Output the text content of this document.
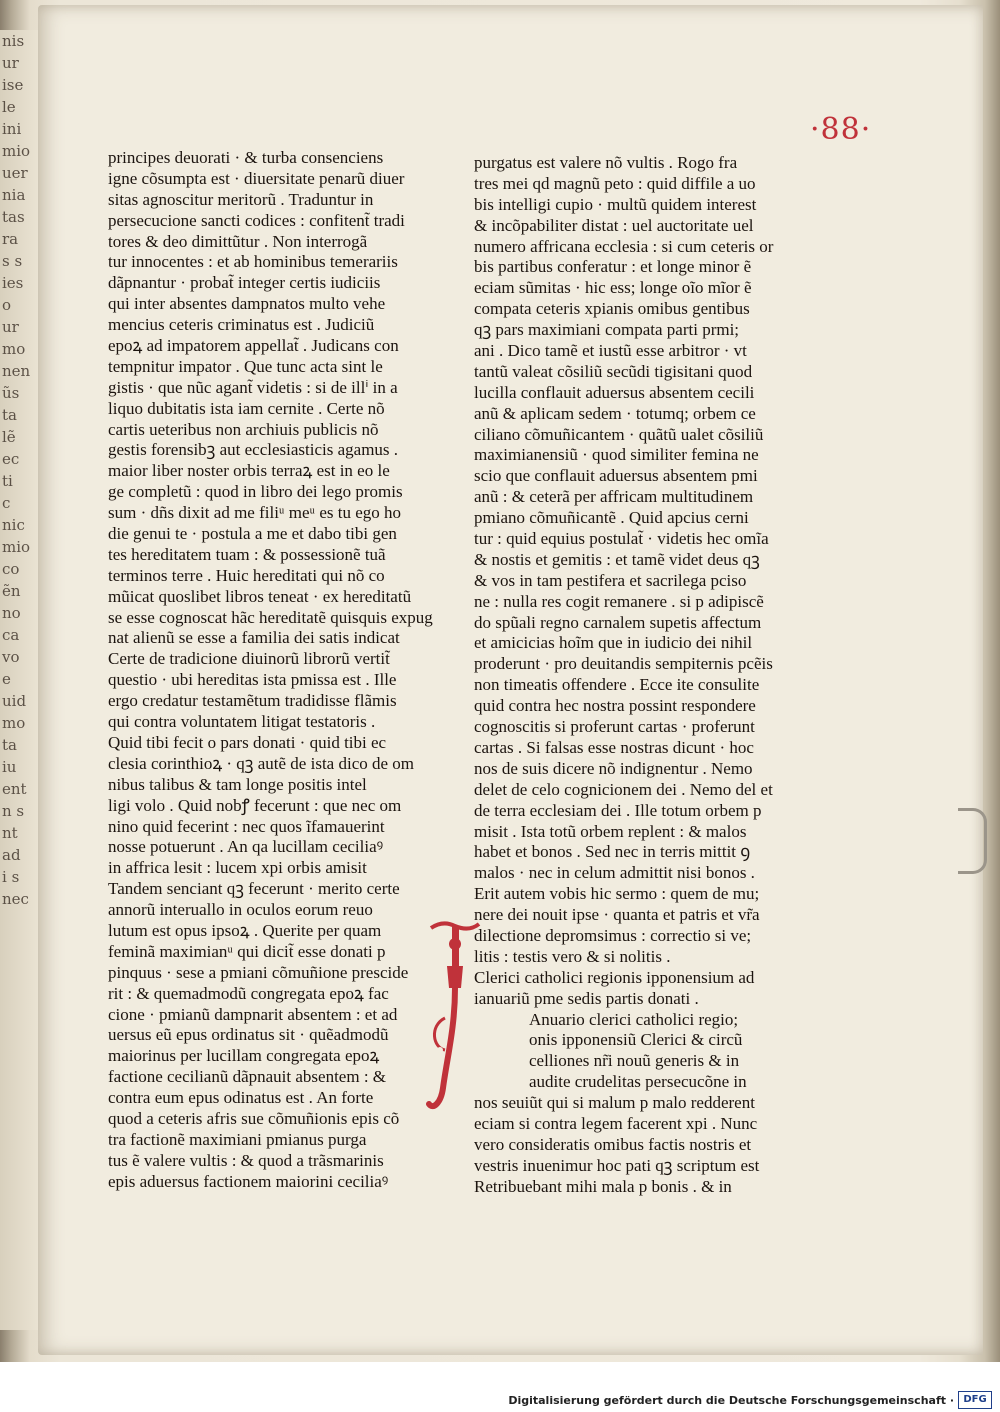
nis
ur
ise
le
ini
mio
uer
nia
tas
ra
s s
ies
o
ur
mo
nen
ũs
ta
lẽ
ec
ti
c
nic
mio
co
ẽn
no
ca
vo
e
uid
mo
ta
iu
ent
n s
nt
ad
i s
nec
·88·
principes deuorati · & turba consenciens
igne cõsumpta est · diuersitate penarũ diuer
sitas agnoscitur meritorũ . Traduntur in
persecucione sancti codices : confitent̃ tradi
tores & deo dimittũtur . Non interrogã
tur innocentes : et ab hominibus temerariis
dãpnantur · probat̃ integer certis iudiciis
qui inter absentes dampnatos multo vehe
mencius ceteris criminatus est . Judiciũ
epoꝝ ad impatorem appellat̃ . Judicans con
tempnitur impator . Que tunc acta sint le
gistis · que nũc agant̃ videtis : si de illⁱ in a
liquo dubitatis ista iam cernite . Certe nõ
cartis ueteribus non archiuis publicis nõ
gestis forensibꝫ aut ecclesiasticis agamus .
maior liber noster orbis terraꝝ est in eo le
ge completũ : quod in libro dei lego promis
sum · dñs dixit ad me filiᵘ meᵘ es tu ego ho
die genui te · postula a me et dabo tibi gen
tes hereditatem tuam : & possessionẽ tuã
terminos terre . Huic hereditati qui nõ co
mũicat quoslibet libros teneat · ex hereditatũ
se esse cognoscat hãc hereditatẽ quisquis expug
nat alienũ se esse a familia dei satis indicat
Certe de tradicione diuinorũ librorũ vertit̃
questio · ubi hereditas ista pmissa est . Ille
ergo credatur testamẽtum tradidisse flãmis
qui contra voluntatem litigat testatoris .
Quid tibi fecit o pars donati · quid tibi ec
clesia corinthioꝝ · qꝫ autẽ de ista dico de om
nibus talibus & tam longe positis intel
ligi volo . Quid nobꝭ fecerunt : que nec om
nino quid fecerint : nec quos ĩfamauerint
nosse potuerunt . An qa lucillam ceciliaꝰ
in affrica lesit : lucem xpi orbis amisit
Tandem senciant qꝫ fecerunt · merito certe
annorũ interuallo in oculos eorum reuo
lutum est opus ipsoꝝ . Querite per quam
feminã maximianᵘ qui dicit̃ esse donati p
pinquus · sese a pmiani cõmuñione prescide
rit : & quemadmodũ congregata epoꝝ fac
cione · pmianũ dampnarit absentem : et ad
uersus eũ epus ordinatus sit · quẽadmodũ
maiorinus per lucillam congregata epoꝝ
factione cecilianũ dãpnauit absentem : &
contra eum epus odinatus est . An forte
quod a ceteris afris sue cõmuñionis epis cõ
tra factionẽ maximiani pmianus purga
tus ẽ valere vultis : & quod a trãsmarinis
epis aduersus factionem maiorini ceciliaꝰ
purgatus est valere nõ vultis . Rogo fra
tres mei qd magnũ peto : quid diffile a uo
bis intelligi cupio · multũ quidem interest
& incõpabiliter distat : uel auctoritate uel
numero affricana ecclesia : si cum ceteris or
bis partibus conferatur : et longe minor ẽ
eciam sũmitas · hic ess; longe oĩo mĩor ẽ
compata ceteris xpianis omibus gentibus
qꝫ pars maximiani compata parti prmi;
ani . Dico tamẽ et iustũ esse arbitror · vt
tantũ valeat cõsiliũ secũdi tigisitani quod
lucilla conflauit aduersus absentem cecili
anũ & aplicam sedem · totumq; orbem ce
ciliano cõmuñicantem · quãtũ ualet cõsiliũ
maximianensiũ · quod similiter femina ne
scio que conflauit aduersus absentem pmi
anũ : & ceterã per affricam multitudinem
pmiano cõmuñicantẽ . Quid apcius cerni
tur : quid equius postulat̃ · videtis hec omĩa
& nostis et gemitis : et tamẽ videt deus qꝫ
& vos in tam pestifera et sacrilega pciso
ne : nulla res cogit remanere . si p adipiscẽ
do spũali regno carnalem supetis affectum
et amicicias hoĩm que in iudicio dei nihil
proderunt · pro deuitandis sempiternis pcẽis
non timeatis offendere . Ecce ite consulite
quid contra hec nostra possint respondere
cognoscitis si proferunt cartas · proferunt
cartas . Si falsas esse nostras dicunt · hoc
nos de suis dicere nõ indignentur . Nemo
delet de celo cognicionem dei . Nemo del et
de terra ecclesiam dei . Ille totum orbem p
misit . Ista totũ orbem replent : & malos
habet et bonos . Sed nec in terris mittit ꝯ
malos · nec in celum admittit nisi bonos .
Erit autem vobis hic sermo : quem de mu;
nere dei nouit ipse · quanta et patris et vr̃a
dilectione depromsimus : correctio si ve;
litis : testis vero & si nolitis .
Clerici catholici regionis ipponensium ad
ianuariũ pme sedis partis donati .
Anuario clerici catholici regio;
onis ipponensiũ Clerici & circũ
celliones nr̃i nouũ generis & in
audite crudelitas persecucõne in
nos seuiũt qui si malum p malo redderent
eciam si contra legem facerent xpi . Nunc
vero consideratis omibus factis nostris et
vestris inuenimur hoc pati qꝫ scriptum est
Retribuebant mihi mala p bonis . & in
Digitalisierung gefördert durch die Deutsche Forschungsgemeinschaft · DFG
